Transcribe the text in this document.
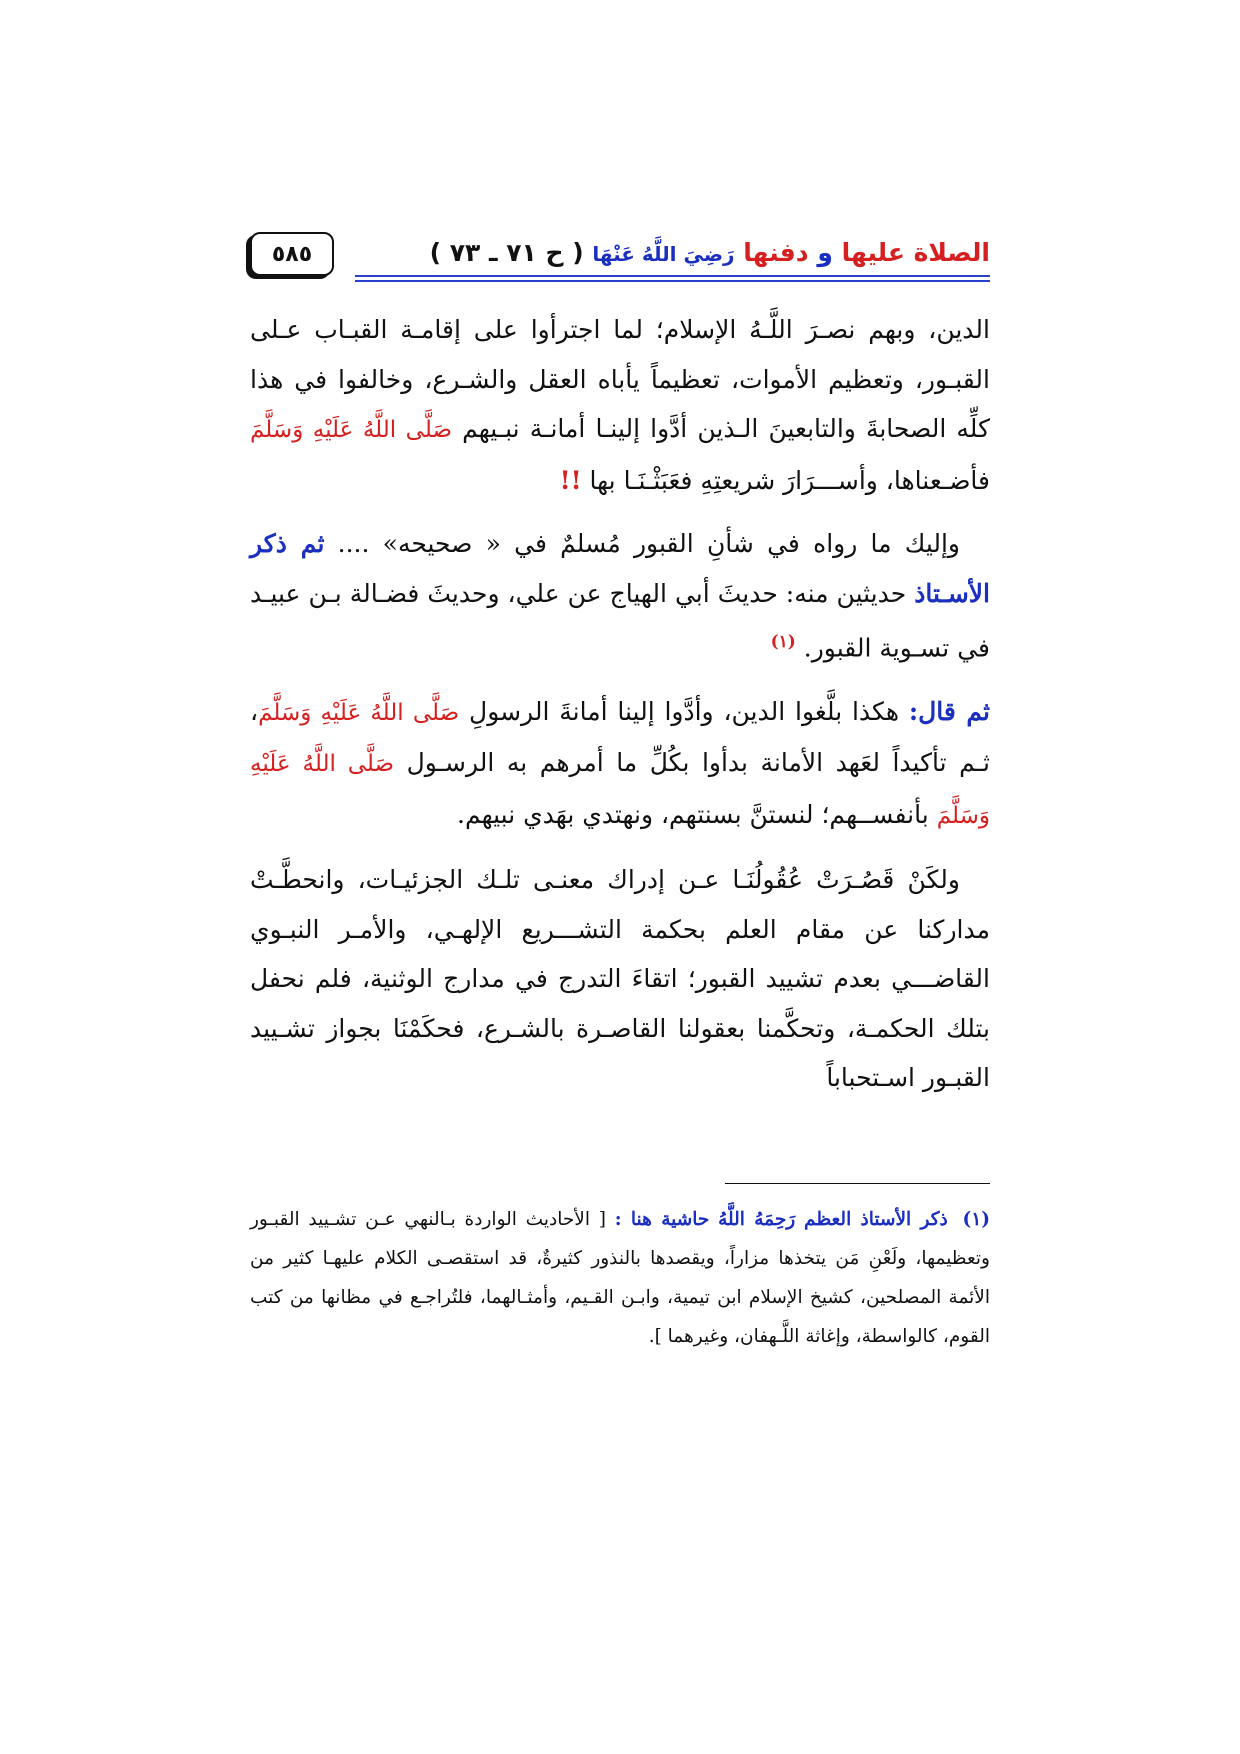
الصلاة عليها و دفنها رَضِيَ اللَّهُ عَنْهَا ( ح ٧١ ـ ٧٣ )
٥٨٥

الدين، وبهم نصـرَ اللَّـهُ الإسلام؛ لما اجترأوا على إقامـة القبـاب عـلى القبـور، وتعظيم الأموات، تعظيماً يأباه العقل والشـرع، وخالفوا في هذا كلِّه الصحابةَ والتابعينَ الـذين أدَّوا إلينـا أمانـة نبـيهم صَلَّى اللَّهُ عَلَيْهِ وَسَلَّمَ فأضـعناها، وأســـرَارَ شريعتِهِ فعَبَثْـنَـا بها !!

وإليك ما رواه في شأنِ القبور مُسلمٌ في « صحيحه» .... ثم ذكر الأسـتاذ حديثين منه: حديثَ أبي الهياج عن علي، وحديثَ فضـالة بـن عبيـد في تسـوية القبور. $^{(١)}$

ثم قال: هكذا بلَّغوا الدين، وأدَّوا إلينا أمانةَ الرسولِ صَلَّى اللَّهُ عَلَيْهِ وَسَلَّمَ، ثـم تأكيداً لعَهد الأمانة بدأوا بكُلِّ ما أمرهم به الرسـول صَلَّى اللَّهُ عَلَيْهِ وَسَلَّمَ بأنفســهم؛ لنستنَّ بسنتهم، ونهتدي بهَدي نبيهم.

ولكَنْ قَصُـرَتْ عُقُولُنَـا عـن إدراك معنـى تلـك الجزئيـات، وانحطَّـتْ مداركنا عن مقام العلم بحكمة التشـــريع الإلهـي، والأمـر النبـوي القاضـــي بعدم تشييد القبور؛ اتقاءَ التدرج في مدارج الوثنية، فلم نحفل بتلك الحكمـة، وتحكَّمنا بعقولنا القاصـرة بالشـرع، فحكَمْنَا بجواز تشـييد القبـور اسـتحباباً

(١) ذكر الأستاذ العظم رَحِمَهُ اللَّهُ حاشية هنا : [ الأحاديث الواردة بـالنهي عـن تشـييد القبـور وتعظيمها، ولَعْنِ مَن يتخذها مزاراً، ويقصدها بالنذور كثيرةٌ، قد استقصـى الكلام عليهـا كثير من الأئمة المصلحين، كشيخ الإسلام ابن تيمية، وابـن القـيم، وأمثـالهما، فلتُراجـع في مظانها من كتب القوم، كالواسطة، وإغاثة اللَّـهفان، وغيرهما ].
